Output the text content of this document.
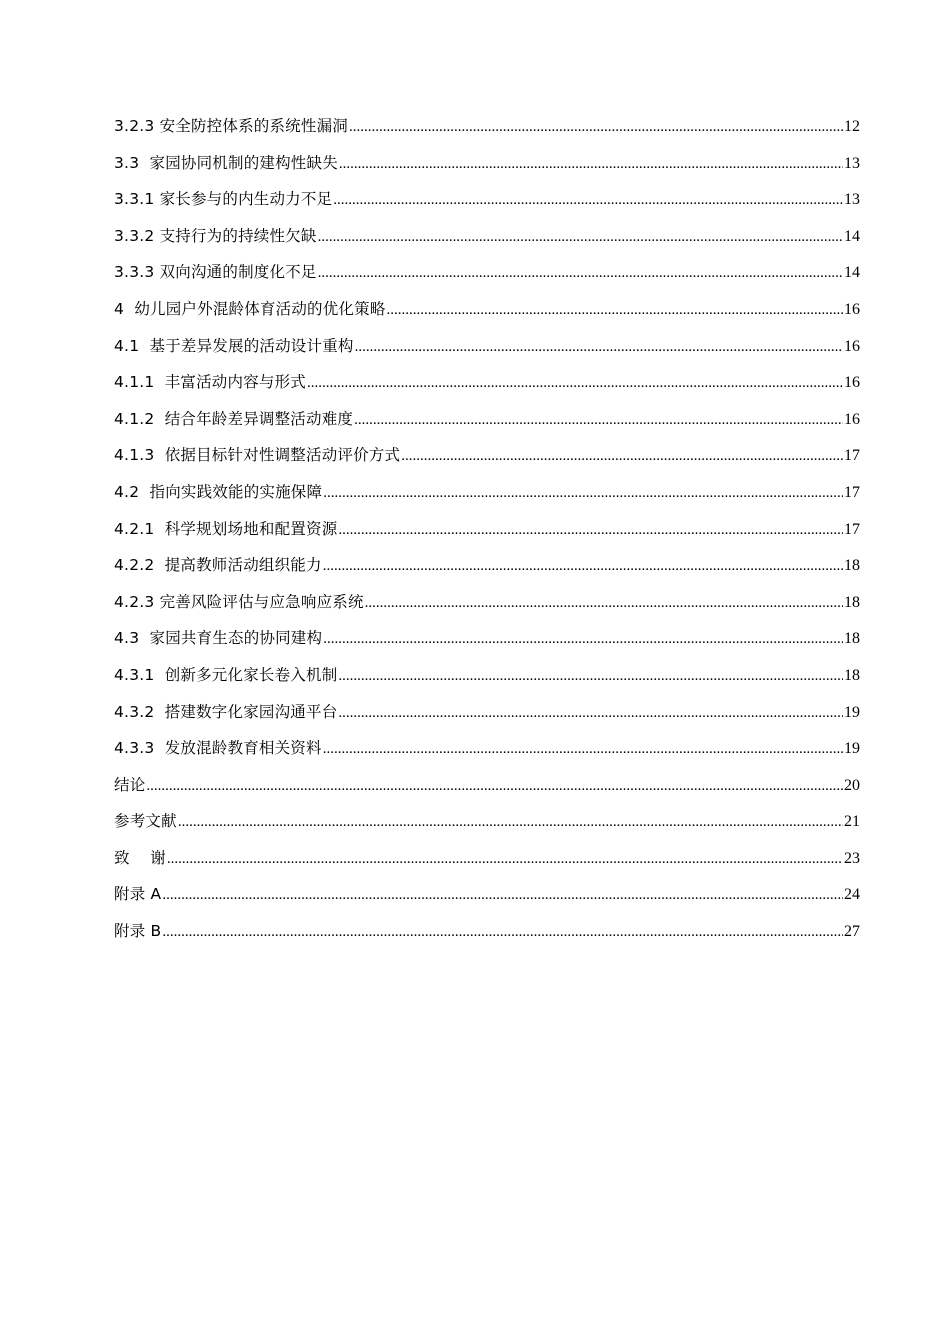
3.2.3 安全防控体系的系统性漏洞 .....	12
3.3  家园协同机制的建构性缺失 .....	13
3.3.1 家长参与的内生动力不足 .....	13
3.3.2 支持行为的持续性欠缺 .....	14
3.3.3 双向沟通的制度化不足 .....	14
4  幼儿园户外混龄体育活动的优化策略 .....	16
4.1  基于差异发展的活动设计重构 .....	16
4.1.1  丰富活动内容与形式 .....	16
4.1.2  结合年龄差异调整活动难度 .....	16
4.1.3  依据目标针对性调整活动评价方式 .....	17
4.2  指向实践效能的实施保障 .....	17
4.2.1  科学规划场地和配置资源 .....	17
4.2.2  提高教师活动组织能力 .....	18
4.2.3 完善风险评估与应急响应系统 .....	18
4.3  家园共育生态的协同建构 .....	18
4.3.1  创新多元化家长卷入机制 .....	18
4.3.2  搭建数字化家园沟通平台 .....	19
4.3.3  发放混龄教育相关资料 .....	19
结论 .....	20
参考文献 .....	21
致    谢 .....	23
附录 A .....	24
附录 B .....	27
